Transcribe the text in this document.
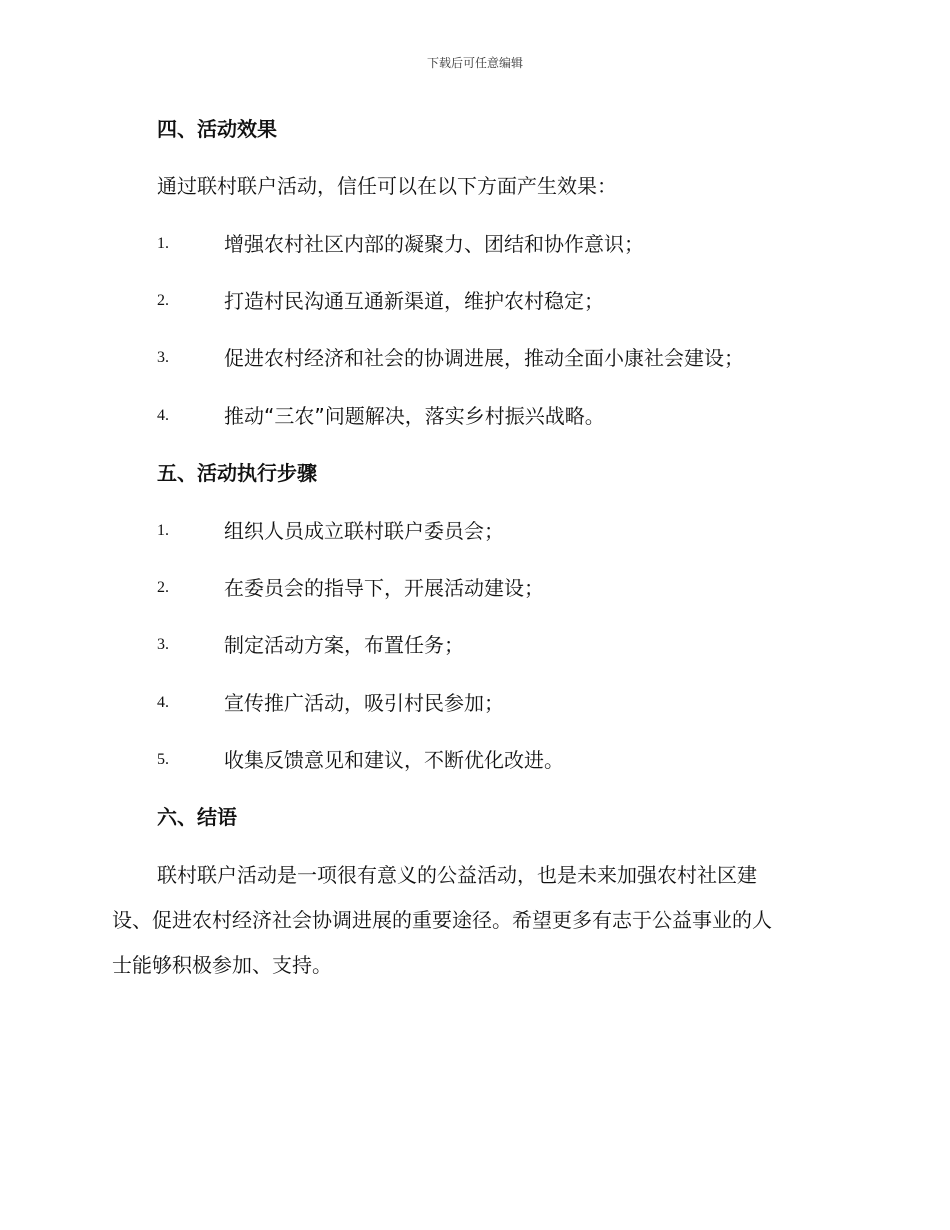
下载后可任意编辑
四、活动效果
通过联村联户活动，信任可以在以下方面产生效果：
1.	增强农村社区内部的凝聚力、团结和协作意识；
2.	打造村民沟通互通新渠道，维护农村稳定；
3.	促进农村经济和社会的协调进展，推动全面小康社会建设；
4.	推动“三农”问题解决，落实乡村振兴战略。
五、活动执行步骤
1.	组织人员成立联村联户委员会；
2.	在委员会的指导下，开展活动建设；
3.	制定活动方案，布置任务；
4.	宣传推广活动，吸引村民参加；
5.	收集反馈意见和建议，不断优化改进。
六、结语
联村联户活动是一项很有意义的公益活动，也是未来加强农村社区建
设、促进农村经济社会协调进展的重要途径。希望更多有志于公益事业的人
士能够积极参加、支持。
